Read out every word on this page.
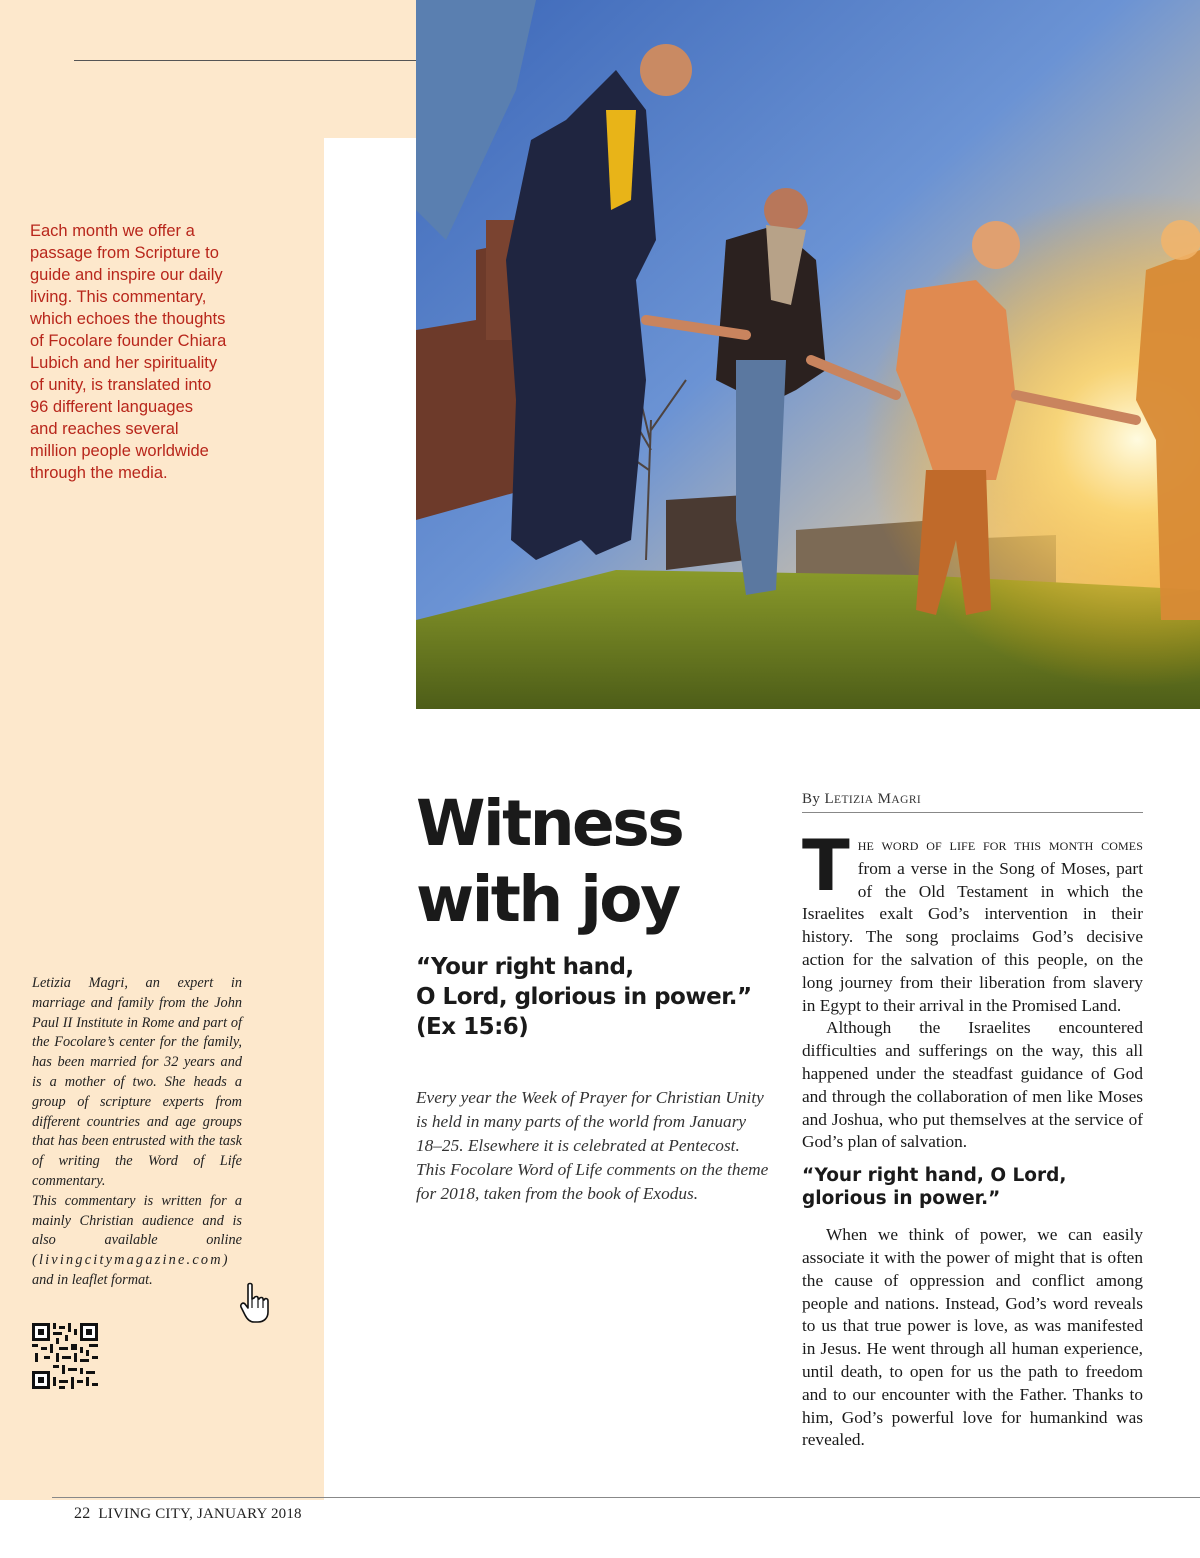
Each month we offer a
passage from Scripture to
guide and inspire our daily
living. This commentary,
which echoes the thoughts
of Focolare founder Chiara
Lubich and her spirituality
of unity, is translated into
96 different languages
and reaches several
million people worldwide
through the media.
Letizia Magri, an expert in marriage and family from the John Paul II Institute in Rome and part of the Focolare’s center for the family, has been married for 32 years and is a mother of two. She heads a group of scripture experts from different countries and age groups that has been entrusted with the task of writing the Word of Life commentary.
This commentary is written for a mainly Christian audience and is also available online (livingcitymagazine.com) and in leaflet format.
Witness
with joy
“Your right hand,
O Lord, glorious in power.”
(Ex 15:6)
Every year the Week of Prayer for Christian Unity is held in many parts of the world from January 18–25. Elsewhere it is celebrated at Pentecost. This Focolare Word of Life comments on the theme for 2018, taken from the book of Exodus.
By LETIZIA MAGRI

THE WORD OF LIFE FOR THIS MONTH COMES from a verse in the Song of Moses, part of the Old Testament in which the Israelites exalt God’s intervention in their history. The song proclaims God’s decisive action for the salvation of this people, on the long journey from their liberation from slavery in Egypt to their arrival in the Promised Land.

Although the Israelites encountered difficulties and sufferings on the way, this all happened under the steadfast guidance of God and through the collaboration of men like Moses and Joshua, who put themselves at the service of God’s plan of salvation.

“Your right hand, O Lord, glorious in power.”

When we think of power, we can easily associate it with the power of might that is often the cause of oppression and conflict among people and nations. Instead, God’s word reveals to us that true power is love, as was manifested in Jesus. He went through all human experience, until death, to open for us the path to freedom and to our encounter with the Father. Thanks to him, God’s powerful love for humankind was revealed.

22 LIVING CITY, JANUARY 2018
